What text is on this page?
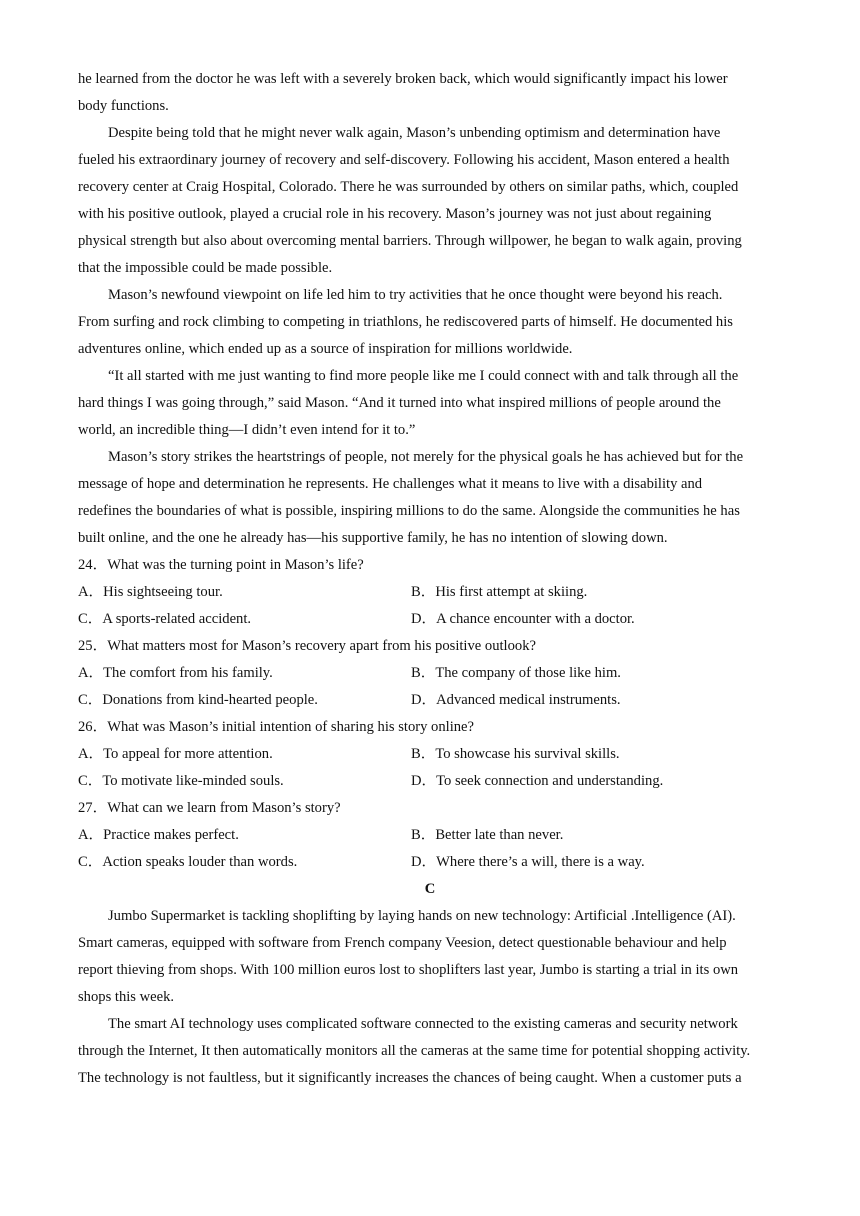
he learned from the doctor he was left with a severely broken back, which would significantly impact his lower
body functions.

Despite being told that he might never walk again, Mason’s unbending optimism and determination have
fueled his extraordinary journey of recovery and self-discovery. Following his accident, Mason entered a health
recovery center at Craig Hospital, Colorado. There he was surrounded by others on similar paths, which, coupled
with his positive outlook, played a crucial role in his recovery. Mason’s journey was not just about regaining
physical strength but also about overcoming mental barriers. Through willpower, he began to walk again, proving
that the impossible could be made possible.

Mason’s newfound viewpoint on life led him to try activities that he once thought were beyond his reach.
From surfing and rock climbing to competing in triathlons, he rediscovered parts of himself. He documented his
adventures online, which ended up as a source of inspiration for millions worldwide.

“It all started with me just wanting to find more people like me I could connect with and talk through all the
hard things I was going through,” said Mason. “And it turned into what inspired millions of people around the
world, an incredible thing—I didn’t even intend for it to.”

Mason’s story strikes the heartstrings of people, not merely for the physical goals he has achieved but for the
message of hope and determination he represents. He challenges what it means to live with a disability and
redefines the boundaries of what is possible, inspiring millions to do the same. Alongside the communities he has
built online, and the one he already has—his supportive family, he has no intention of slowing down.

24．What was the turning point in Mason’s life?

A．His sightseeing tour.	B．His first attempt at skiing.
C．A sports-related accident.	D．A chance encounter with a doctor.

25．What matters most for Mason’s recovery apart from his positive outlook?

A．The comfort from his family.	B．The company of those like him.
C．Donations from kind-hearted people.	D．Advanced medical instruments.

26．What was Mason’s initial intention of sharing his story online?

A．To appeal for more attention.	B．To showcase his survival skills.
C．To motivate like-minded souls.	D．To seek connection and understanding.

27．What can we learn from Mason’s story?

A．Practice makes perfect.	B．Better late than never.
C．Action speaks louder than words.	D．Where there’s a will, there is a way.

C

Jumbo Supermarket is tackling shoplifting by laying hands on new technology: Artificial .Intelligence (AI).
Smart cameras, equipped with software from French company Veesion, detect questionable behaviour and help
report thieving from shops. With 100 million euros lost to shoplifters last year, Jumbo is starting a trial in its own
shops this week.

The smart AI technology uses complicated software connected to the existing cameras and security network
through the Internet, It then automatically monitors all the cameras at the same time for potential shopping activity.
The technology is not faultless, but it significantly increases the chances of being caught. When a customer puts a
